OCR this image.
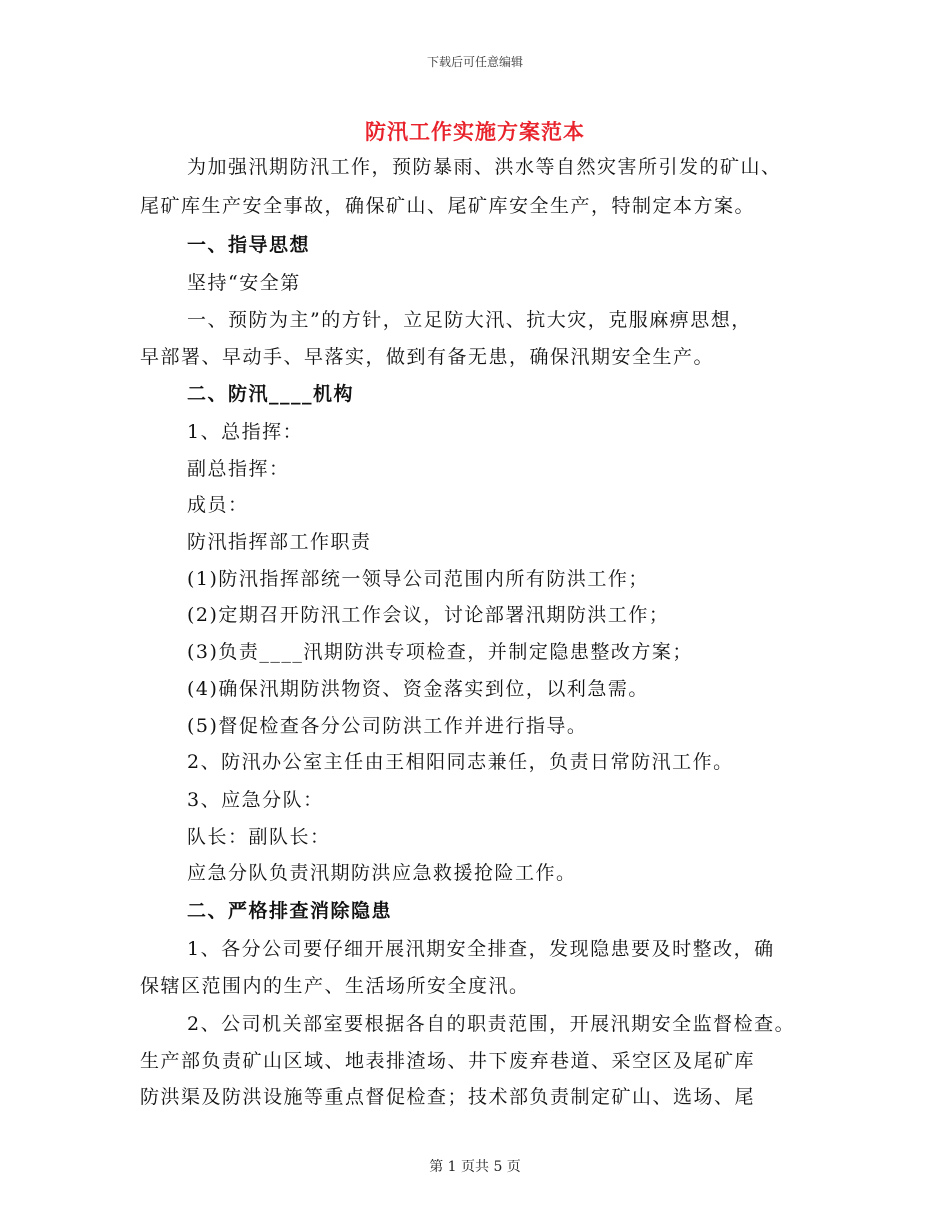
下载后可任意编辑
防汛工作实施方案范本
为加强汛期防汛工作，预防暴雨、洪水等自然灾害所引发的矿山、
尾矿库生产安全事故，确保矿山、尾矿库安全生产，特制定本方案。
一、指导思想
坚持“安全第
一、预防为主”的方针，立足防大汛、抗大灾，克服麻痹思想，
早部署、早动手、早落实，做到有备无患，确保汛期安全生产。
二、防汛____机构
1、总指挥：
副总指挥：
成员：
防汛指挥部工作职责
(1)防汛指挥部统一领导公司范围内所有防洪工作；
(2)定期召开防汛工作会议，讨论部署汛期防洪工作；
(3)负责____汛期防洪专项检查，并制定隐患整改方案；
(4)确保汛期防洪物资、资金落实到位，以利急需。
(5)督促检查各分公司防洪工作并进行指导。
2、防汛办公室主任由王相阳同志兼任，负责日常防汛工作。
3、应急分队：
队长：副队长：
应急分队负责汛期防洪应急救援抢险工作。
二、严格排查消除隐患
1、各分公司要仔细开展汛期安全排查，发现隐患要及时整改，确
保辖区范围内的生产、生活场所安全度汛。
2、公司机关部室要根据各自的职责范围，开展汛期安全监督检查。
生产部负责矿山区域、地表排渣场、井下废弃巷道、采空区及尾矿库
防洪渠及防洪设施等重点督促检查；技术部负责制定矿山、选场、尾
第 1 页共 5 页
